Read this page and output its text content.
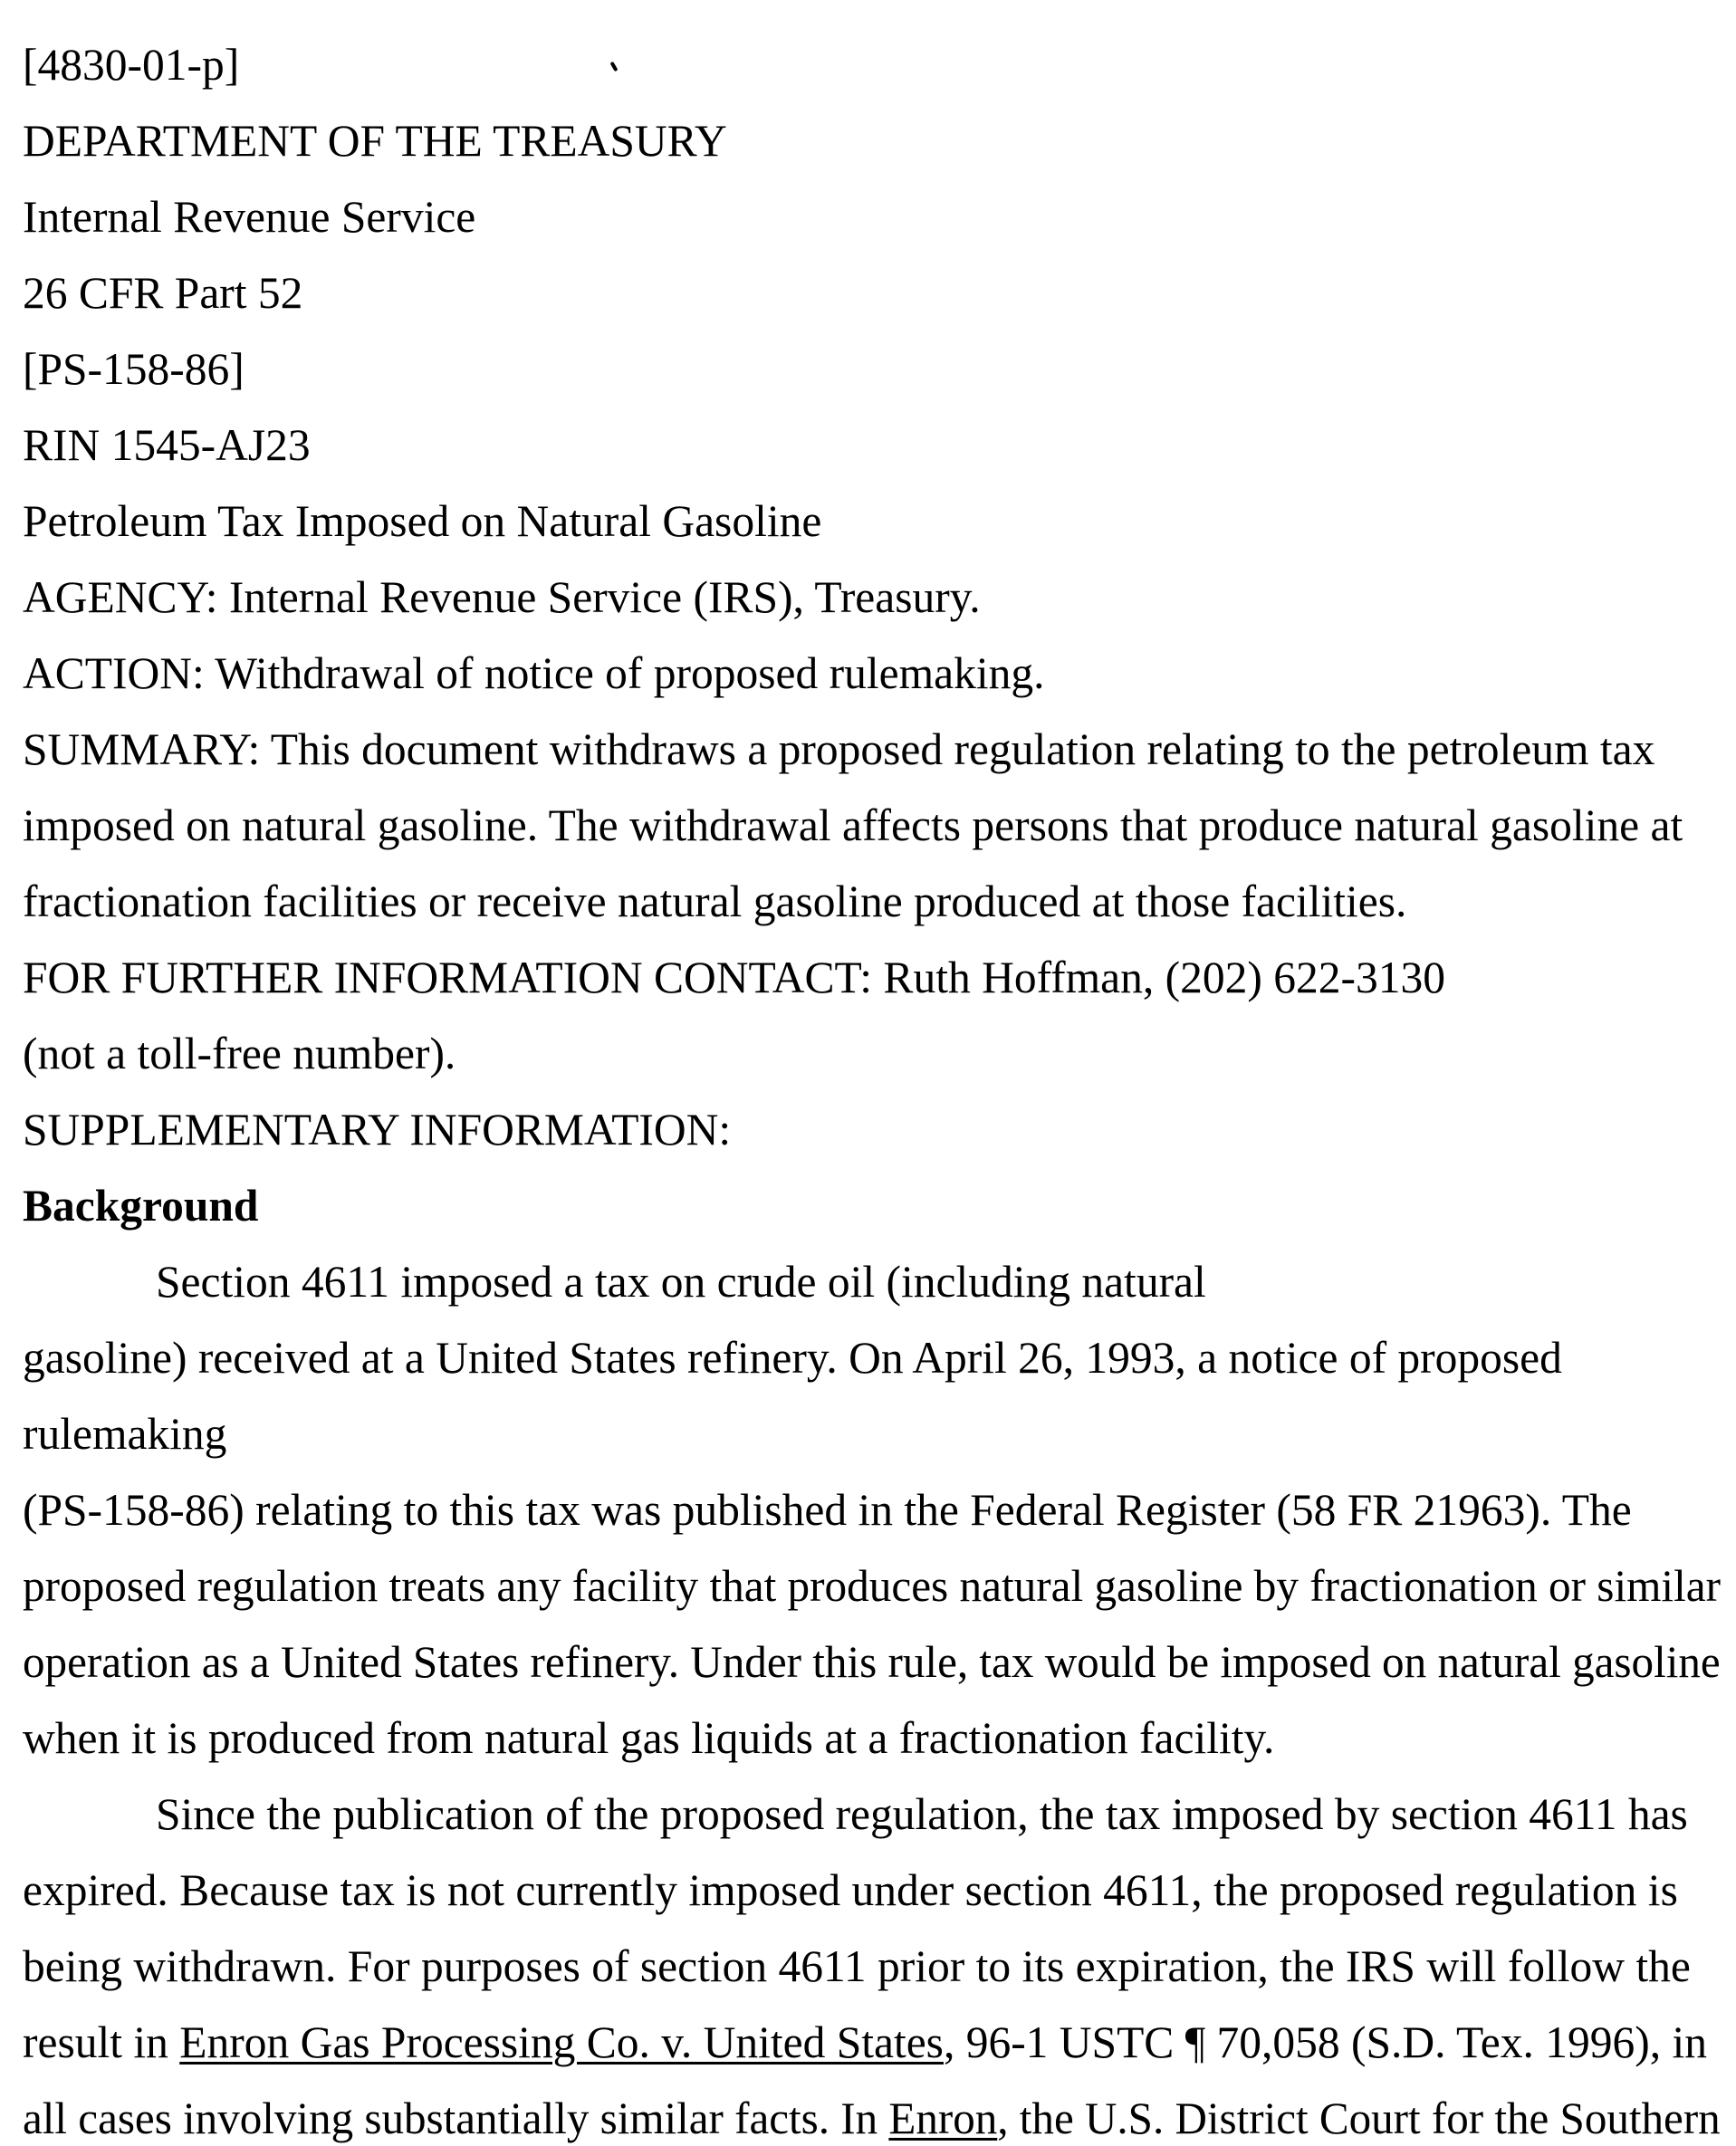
[4830-01-p]
DEPARTMENT OF THE TREASURY
Internal Revenue Service
26 CFR Part 52
[PS-158-86]
RIN 1545-AJ23
Petroleum Tax Imposed on Natural Gasoline
AGENCY: Internal Revenue Service (IRS), Treasury.
ACTION: Withdrawal of notice of proposed rulemaking.
SUMMARY: This document withdraws a proposed regulation relating to the petroleum tax
imposed on natural gasoline. The withdrawal affects persons that produce natural gasoline at
fractionation facilities or receive natural gasoline produced at those facilities.
FOR FURTHER INFORMATION CONTACT: Ruth Hoffman, (202) 622-3130
(not a toll-free number).
SUPPLEMENTARY INFORMATION:
Background
Section 4611 imposed a tax on crude oil (including natural
gasoline) received at a United States refinery. On April 26, 1993, a notice of proposed
rulemaking
(PS-158-86) relating to this tax was published in the Federal Register (58 FR 21963). The
proposed regulation treats any facility that produces natural gasoline by fractionation or similar
operation as a United States refinery. Under this rule, tax would be imposed on natural gasoline
when it is produced from natural gas liquids at a fractionation facility.
Since the publication of the proposed regulation, the tax imposed by section 4611 has
expired. Because tax is not currently imposed under section 4611, the proposed regulation is
being withdrawn. For purposes of section 4611 prior to its expiration, the IRS will follow the
result in Enron Gas Processing Co. v. United States, 96-1 USTC ¶ 70,058 (S.D. Tex. 1996), in
all cases involving substantially similar facts. In Enron, the U.S. District Court for the Southern
